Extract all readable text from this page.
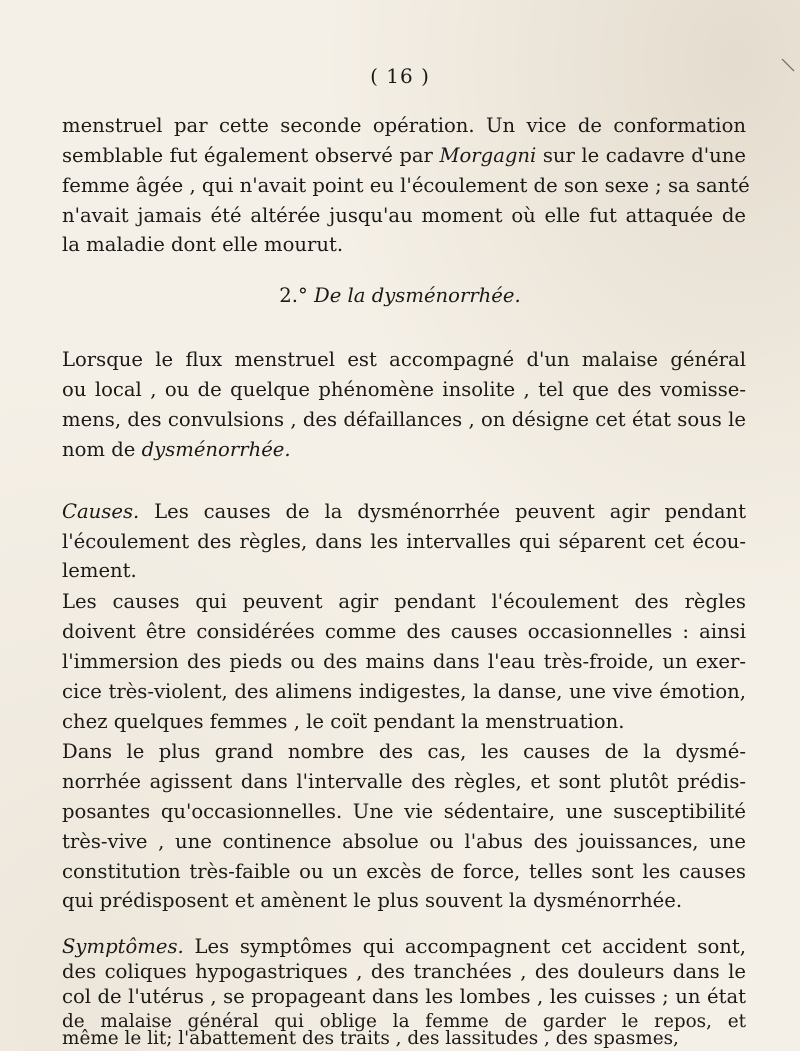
( 16 )
menstruel par cette seconde opération. Un vice de conformation
semblable fut également observé par Morgagni sur le cadavre d'une
femme âgée , qui n'avait point eu l'écoulement de son sexe ; sa santé
n'avait jamais été altérée jusqu'au moment où elle fut attaquée de
la maladie dont elle mourut.
2.° De la dysménorrhée.
Lorsque le flux menstruel est accompagné d'un malaise général
ou local , ou de quelque phénomène insolite , tel que des vomisse-
mens, des convulsions , des défaillances , on désigne cet état sous le
nom de dysménorrhée.
Causes. Les causes de la dysménorrhée peuvent agir pendant
l'écoulement des règles, dans les intervalles qui séparent cet écou-
lement.
Les causes qui peuvent agir pendant l'écoulement des règles
doivent être considérées comme des causes occasionnelles : ainsi
l'immersion des pieds ou des mains dans l'eau très-froide, un exer-
cice très-violent, des alimens indigestes, la danse, une vive émotion,
chez quelques femmes , le coït pendant la menstruation.
Dans le plus grand nombre des cas, les causes de la dysmé-
norrhée agissent dans l'intervalle des règles, et sont plutôt prédis-
posantes qu'occasionnelles. Une vie sédentaire, une susceptibilité
très-vive , une continence absolue ou l'abus des jouissances, une
constitution très-faible ou un excès de force, telles sont les causes
qui prédisposent et amènent le plus souvent la dysménorrhée.
Symptômes. Les symptômes qui accompagnent cet accident sont,
des coliques hypogastriques , des tranchées , des douleurs dans le
col de l'utérus , se propageant dans les lombes , les cuisses ; un état
de malaise général qui oblige la femme de garder le repos, et
même le lit; l'abattement des traits , des lassitudes , des spasmes,
